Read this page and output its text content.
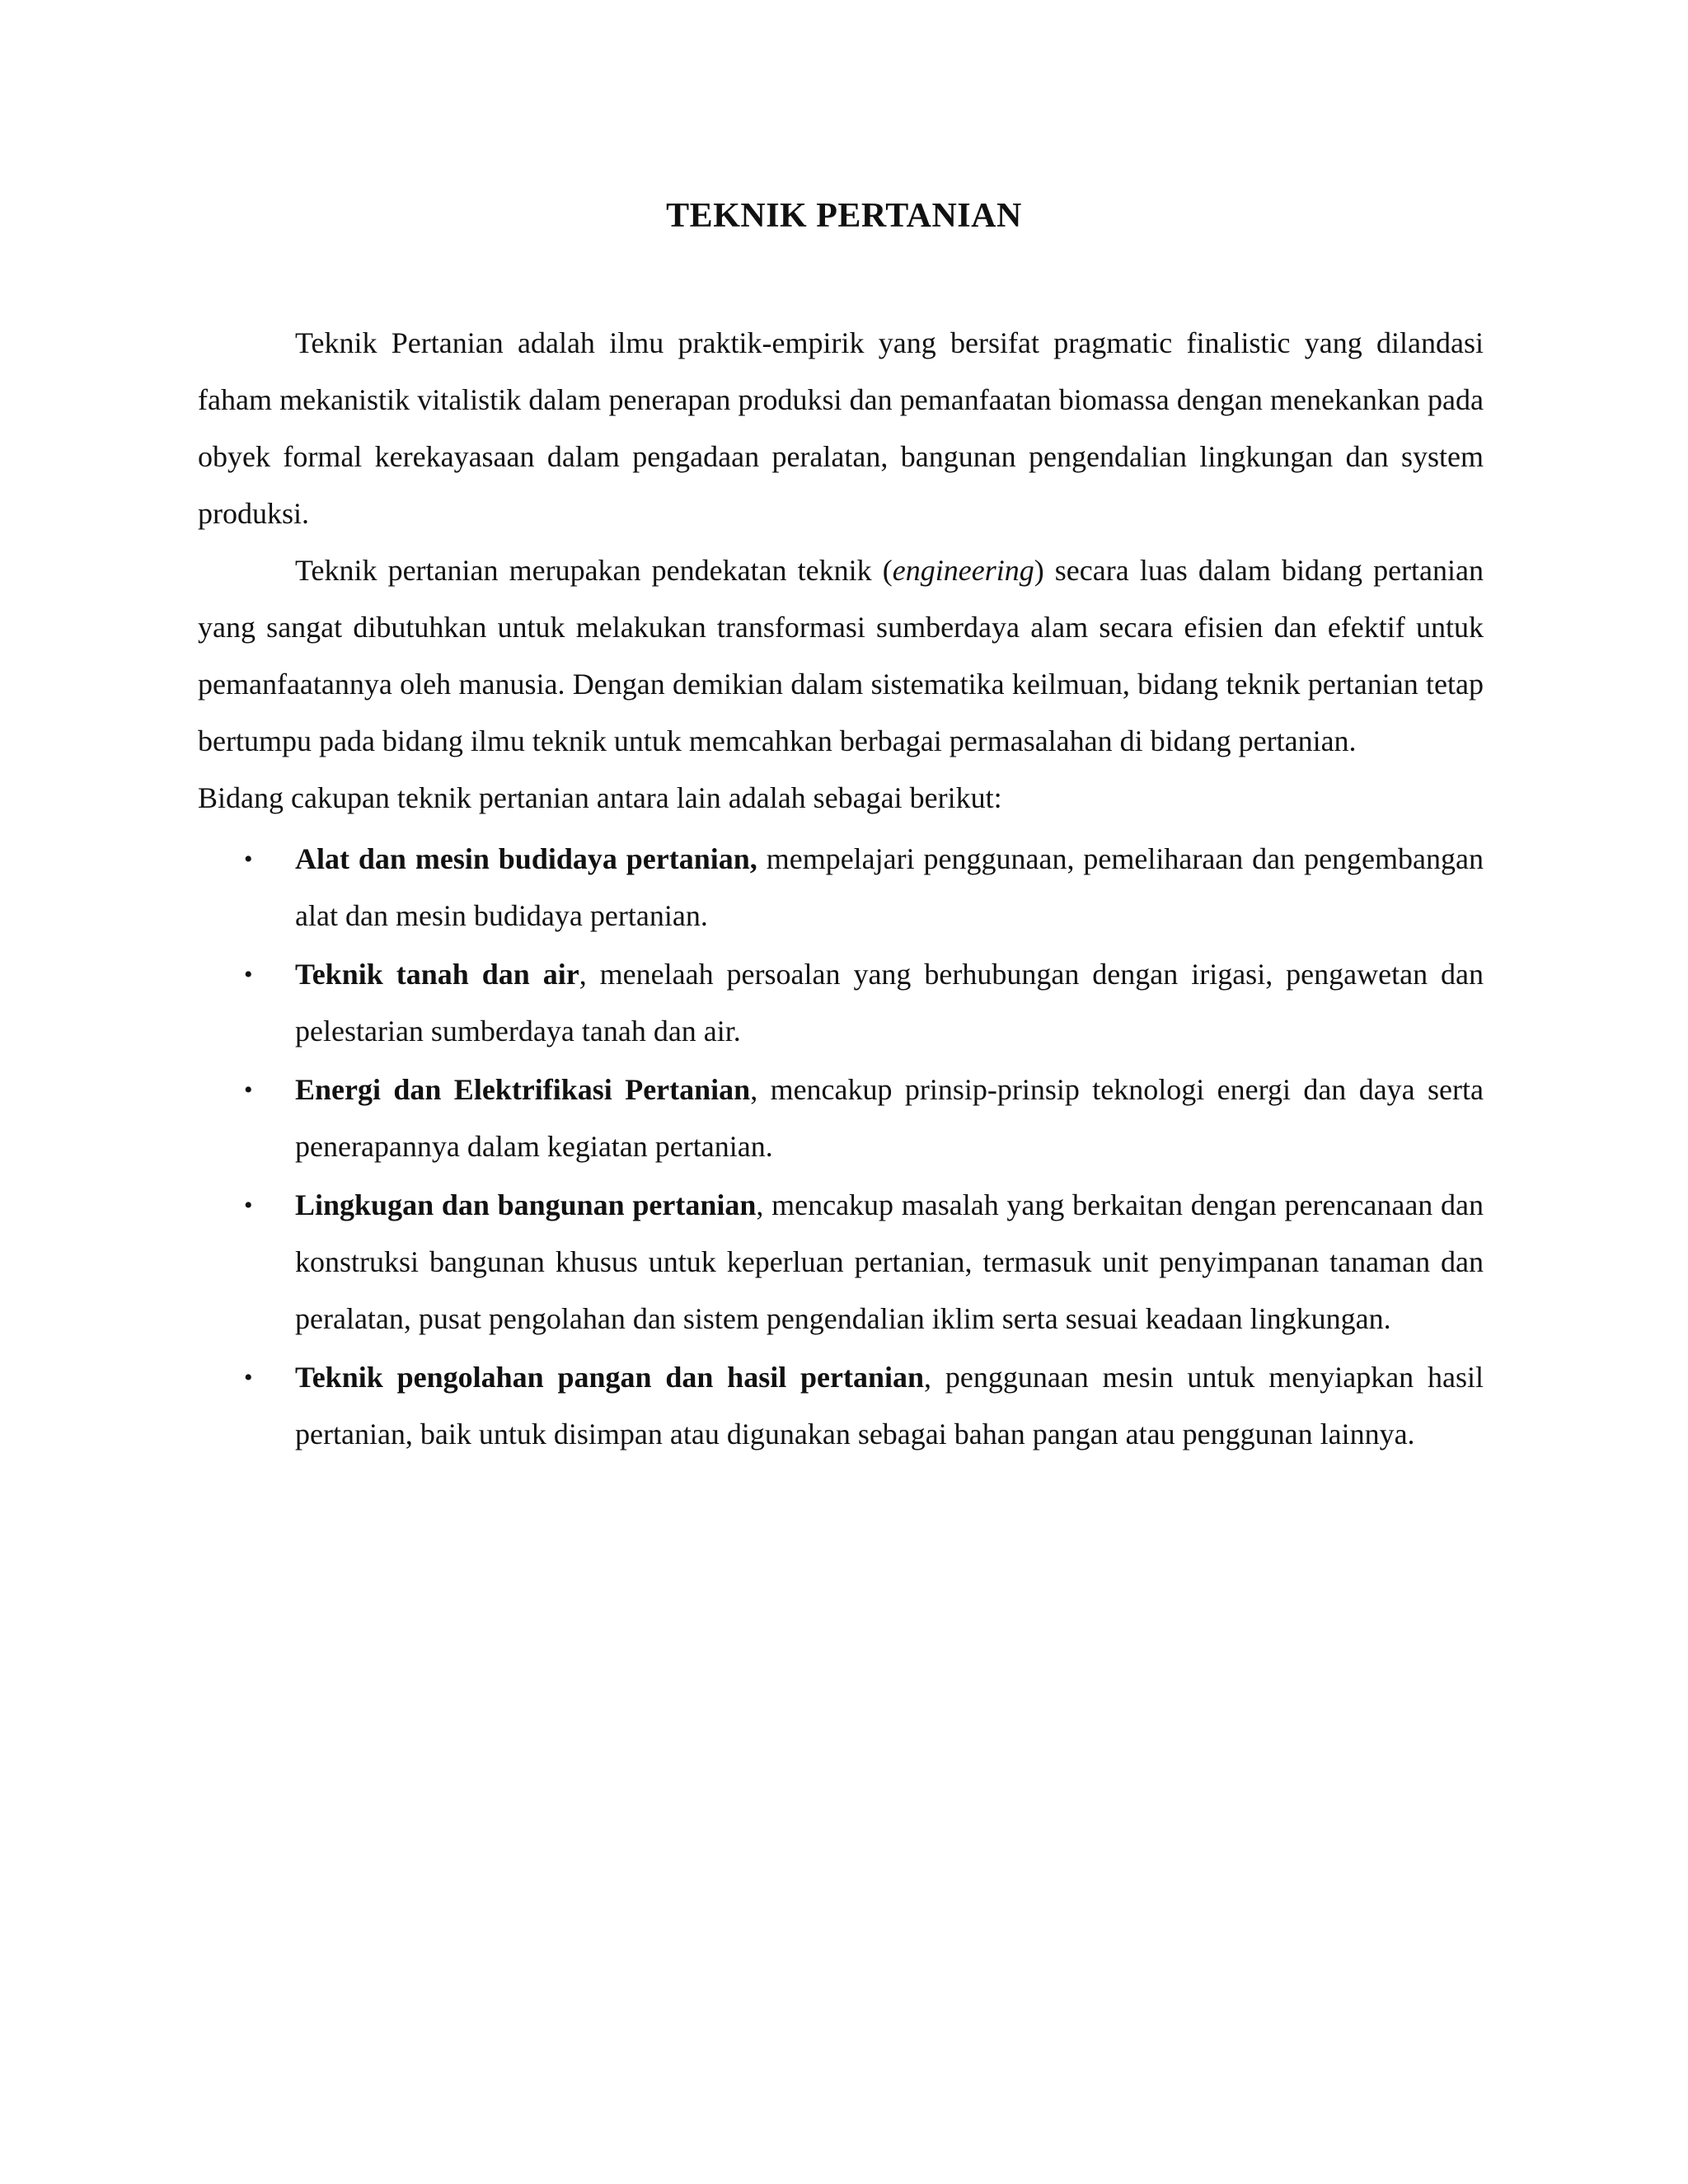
TEKNIK PERTANIAN

Teknik Pertanian adalah ilmu praktik-empirik yang bersifat pragmatic finalistic yang dilandasi faham mekanistik vitalistik dalam penerapan produksi dan pemanfaatan biomassa dengan menekankan pada obyek formal kerekayasaan dalam pengadaan peralatan, bangunan pengendalian lingkungan dan system produksi.

Teknik pertanian merupakan pendekatan teknik (engineering) secara luas dalam bidang pertanian yang sangat dibutuhkan untuk melakukan transformasi sumberdaya alam secara efisien dan efektif untuk pemanfaatannya oleh manusia. Dengan demikian dalam sistematika keilmuan, bidang teknik pertanian tetap bertumpu pada bidang ilmu teknik untuk memcahkan berbagai permasalahan di bidang pertanian.

Bidang cakupan teknik pertanian antara lain adalah sebagai berikut:

• Alat dan mesin budidaya pertanian, mempelajari penggunaan, pemeliharaan dan pengembangan alat dan mesin budidaya pertanian.
• Teknik tanah dan air, menelaah persoalan yang berhubungan dengan irigasi, pengawetan dan pelestarian sumberdaya tanah dan air.
• Energi dan Elektrifikasi Pertanian, mencakup prinsip-prinsip teknologi energi dan daya serta penerapannya dalam kegiatan pertanian.
• Lingkugan dan bangunan pertanian, mencakup masalah yang berkaitan dengan perencanaan dan konstruksi bangunan khusus untuk keperluan pertanian, termasuk unit penyimpanan tanaman dan peralatan, pusat pengolahan dan sistem pengendalian iklim serta sesuai keadaan lingkungan.
• Teknik pengolahan pangan dan hasil pertanian, penggunaan mesin untuk menyiapkan hasil pertanian, baik untuk disimpan atau digunakan sebagai bahan pangan atau penggunan lainnya.
